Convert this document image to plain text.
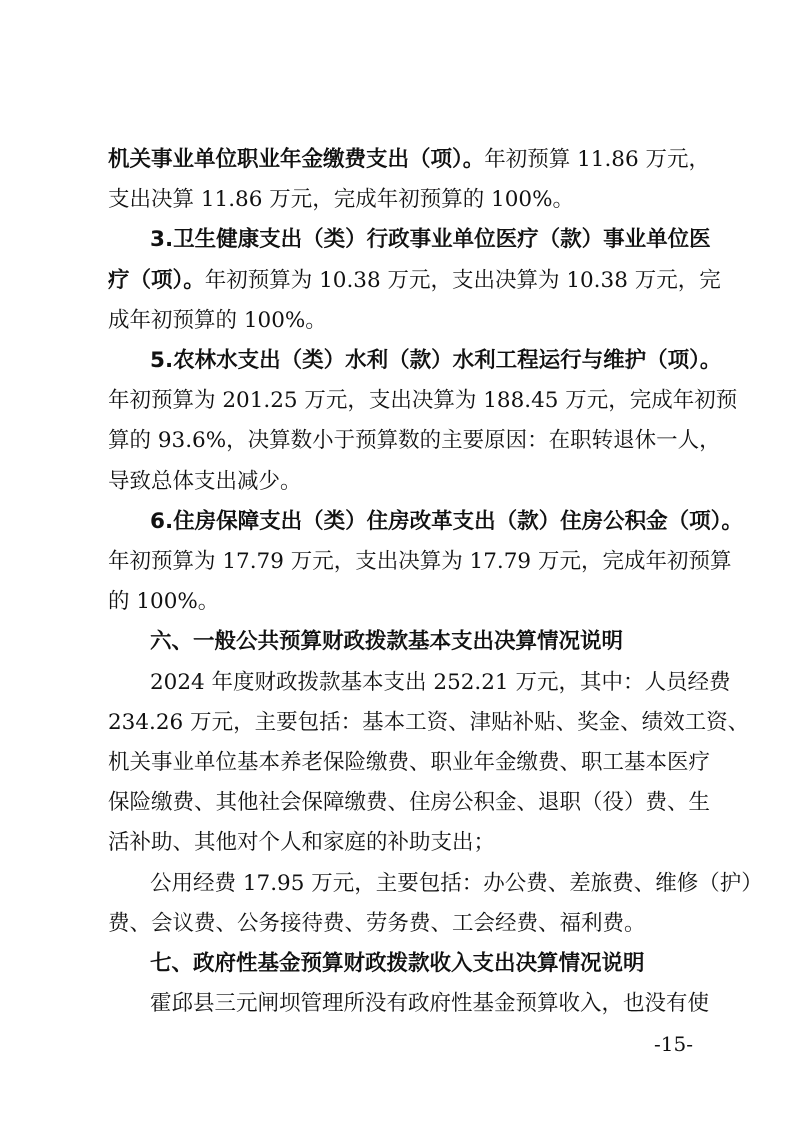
机关事业单位职业年金缴费支出（项）。年初预算 11.86 万元，
支出决算 11.86 万元，完成年初预算的 100%。
3.卫生健康支出（类）行政事业单位医疗（款）事业单位医
疗（项）。年初预算为 10.38 万元，支出决算为 10.38 万元，完
成年初预算的 100%。
5.农林水支出（类）水利（款）水利工程运行与维护（项）。
年初预算为 201.25 万元，支出决算为 188.45 万元，完成年初预
算的 93.6%，决算数小于预算数的主要原因：在职转退休一人，
导致总体支出减少。
6.住房保障支出（类）住房改革支出（款）住房公积金（项）。
年初预算为 17.79 万元，支出决算为 17.79 万元，完成年初预算
的 100%。
六、一般公共预算财政拨款基本支出决算情况说明
2024 年度财政拨款基本支出 252.21 万元，其中：人员经费
234.26 万元，主要包括：基本工资、津贴补贴、奖金、绩效工资、
机关事业单位基本养老保险缴费、职业年金缴费、职工基本医疗
保险缴费、其他社会保障缴费、住房公积金、退职（役）费、生
活补助、其他对个人和家庭的补助支出；
公用经费 17.95 万元，主要包括：办公费、差旅费、维修（护）
费、会议费、公务接待费、劳务费、工会经费、福利费。
-15-
七、政府性基金预算财政拨款收入支出决算情况说明
霍邱县三元闸坝管理所没有政府性基金预算收入，也没有使
